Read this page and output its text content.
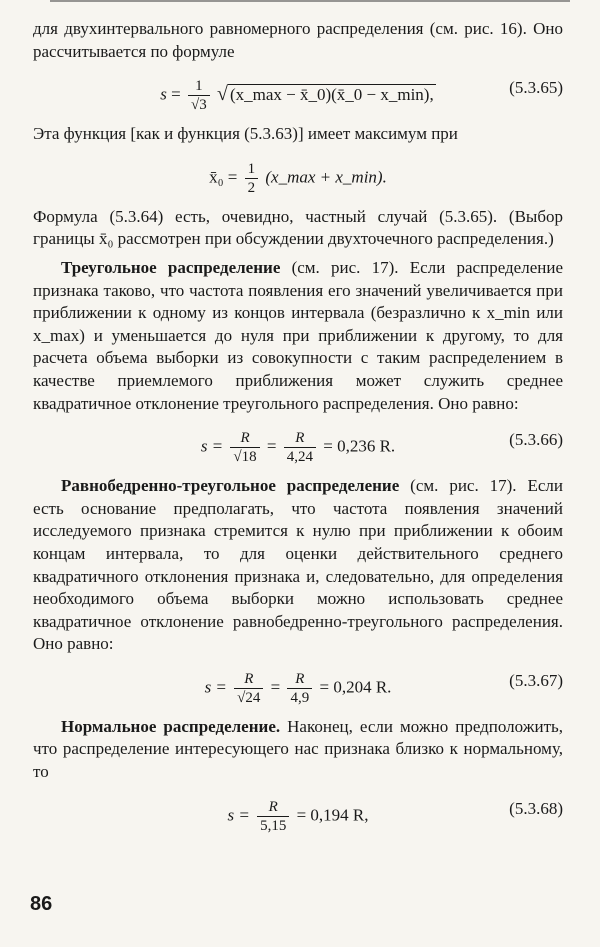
для двухинтервального равномерного распределения (см. рис. 16). Оно рассчитывается по формуле

$s = \frac{1}{√3}$ √ (x_max − x̄_0)(x̄_0 − x_min),	(5.3.65)

Эта функция [как и функция (5.3.63)] имеет максимум при

x̄₀ = $\frac{1}{2}$ (x_max + x_min).

Формула (5.3.64) есть, очевидно, частный случай (5.3.65). (Выбор границы x̄₀ рассмотрен при обсуждении двухточечного распределения.)

Треугольное распределение (см. рис. 17). Если распределение признака таково, что частота появления его значений увеличивается при приближении к одному из концов интервала (безразлично к x_min или x_max) и уменьшается до нуля при приближении к другому, то для расчета объема выборки из совокупности с таким распределением в качестве приемлемого приближения может служить среднее квадратичное отклонение треугольного распределения. Оно равно:

$s = \frac{R}{√18} = \frac{R}{4,24} = 0,236$ R.	(5.3.66)

Равнобедренно-треугольное распределение (см. рис. 17). Если есть основание предполагать, что частота появления значений исследуемого признака стремится к нулю при приближении к обоим концам интервала, то для оценки действительного среднего квадратичного отклонения признака и, следовательно, для определения необходимого объема выборки можно использовать среднее квадратичное отклонение равнобедренно-треугольного распределения. Оно равно:

$s = \frac{R}{√24} = \frac{R}{4,9} = 0,204$ R.	(5.3.67)

Нормальное распределение. Наконец, если можно предположить, что распределение интересующего нас признака близко к нормальному, то

$s = \frac{R}{5,15} = 0,194$ R,	(5.3.68)
86
